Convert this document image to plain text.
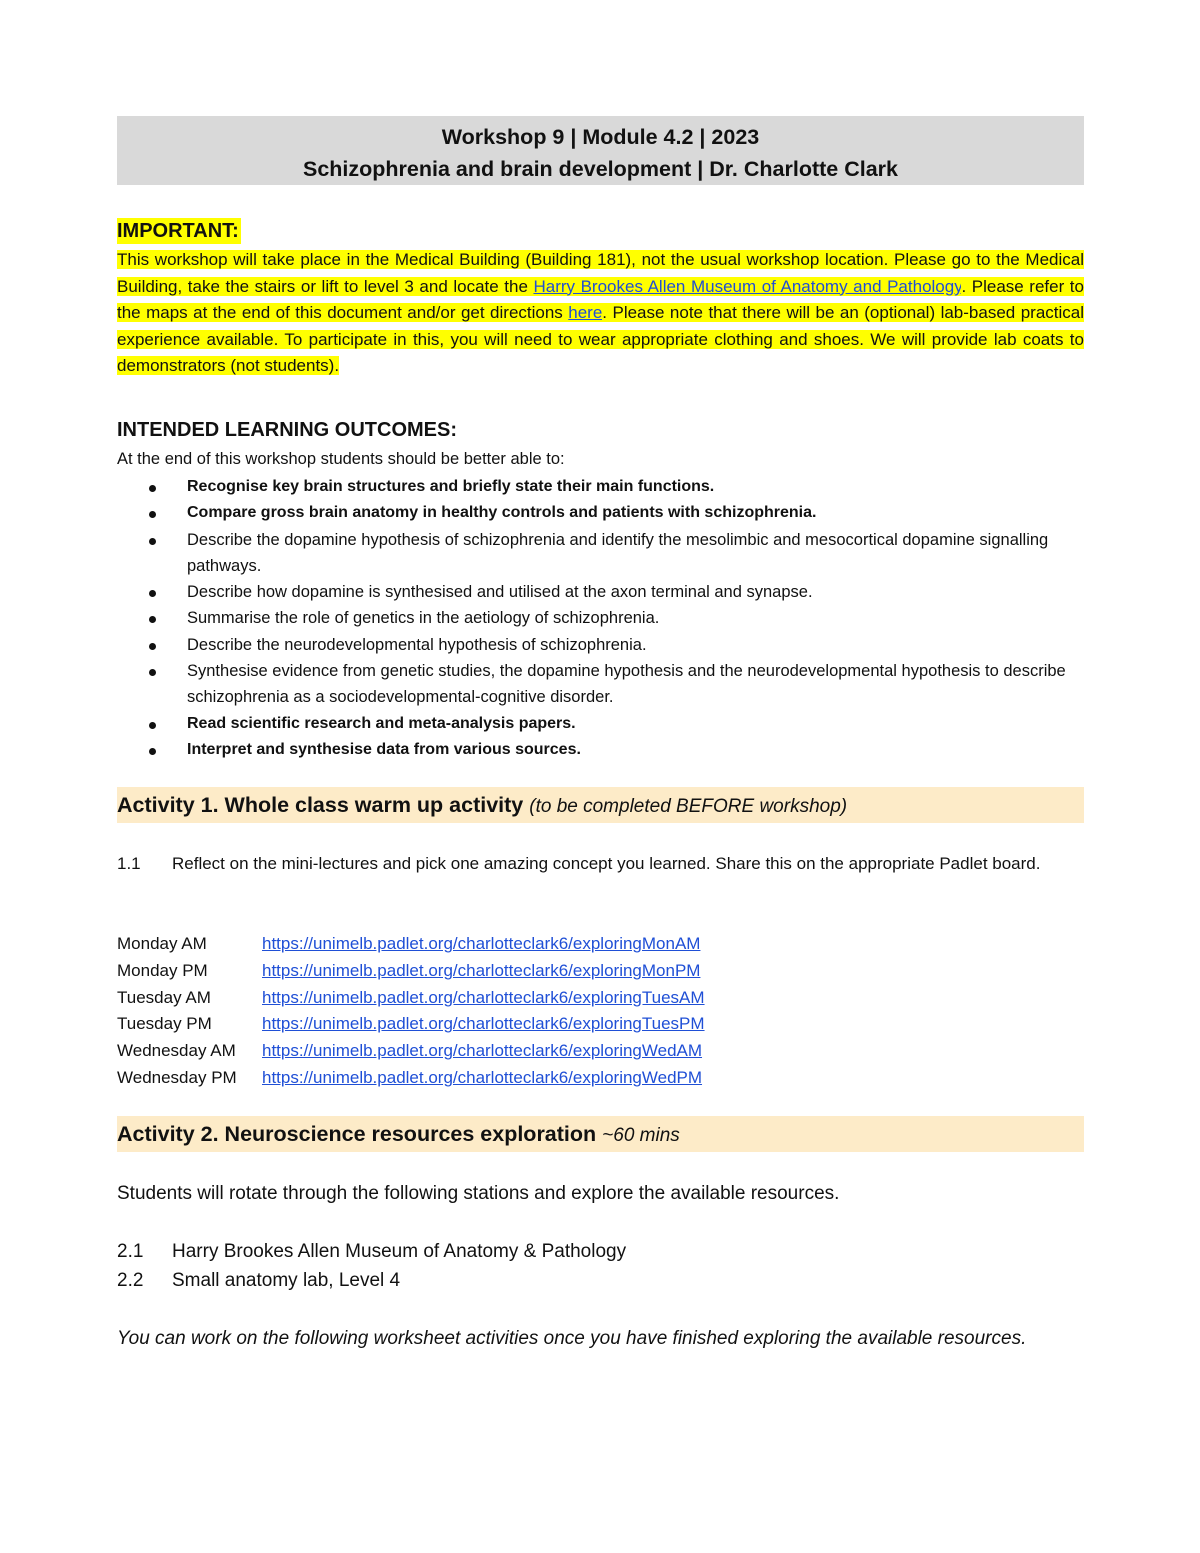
Workshop 9 | Module 4.2 | 2023
Schizophrenia and brain development | Dr. Charlotte Clark
IMPORTANT:
This workshop will take place in the Medical Building (Building 181), not the usual workshop location. Please go to the Medical Building, take the stairs or lift to level 3 and locate the Harry Brookes Allen Museum of Anatomy and Pathology. Please refer to the maps at the end of this document and/or get directions here. Please note that there will be an (optional) lab-based practical experience available. To participate in this, you will need to wear appropriate clothing and shoes. We will provide lab coats to demonstrators (not students).
INTENDED LEARNING OUTCOMES:
At the end of this workshop students should be better able to:
Recognise key brain structures and briefly state their main functions.
Compare gross brain anatomy in healthy controls and patients with schizophrenia.
Describe the dopamine hypothesis of schizophrenia and identify the mesolimbic and mesocortical dopamine signalling pathways.
Describe how dopamine is synthesised and utilised at the axon terminal and synapse.
Summarise the role of genetics in the aetiology of schizophrenia.
Describe the neurodevelopmental hypothesis of schizophrenia.
Synthesise evidence from genetic studies, the dopamine hypothesis and the neurodevelopmental hypothesis to describe schizophrenia as a sociodevelopmental-cognitive disorder.
Read scientific research and meta-analysis papers.
Interpret and synthesise data from various sources.
Activity 1. Whole class warm up activity (to be completed BEFORE workshop)
1.1 Reflect on the mini-lectures and pick one amazing concept you learned. Share this on the appropriate Padlet board.
Monday AM	https://unimelb.padlet.org/charlotteclark6/exploringMonAM
Monday PM	https://unimelb.padlet.org/charlotteclark6/exploringMonPM
Tuesday AM	https://unimelb.padlet.org/charlotteclark6/exploringTuesAM
Tuesday PM	https://unimelb.padlet.org/charlotteclark6/exploringTuesPM
Wednesday AM https://unimelb.padlet.org/charlotteclark6/exploringWedAM
Wednesday PM https://unimelb.padlet.org/charlotteclark6/exploringWedPM
Activity 2. Neuroscience resources exploration ~60 mins
Students will rotate through the following stations and explore the available resources.
2.1 Harry Brookes Allen Museum of Anatomy & Pathology
2.2 Small anatomy lab, Level 4
You can work on the following worksheet activities once you have finished exploring the available resources.
